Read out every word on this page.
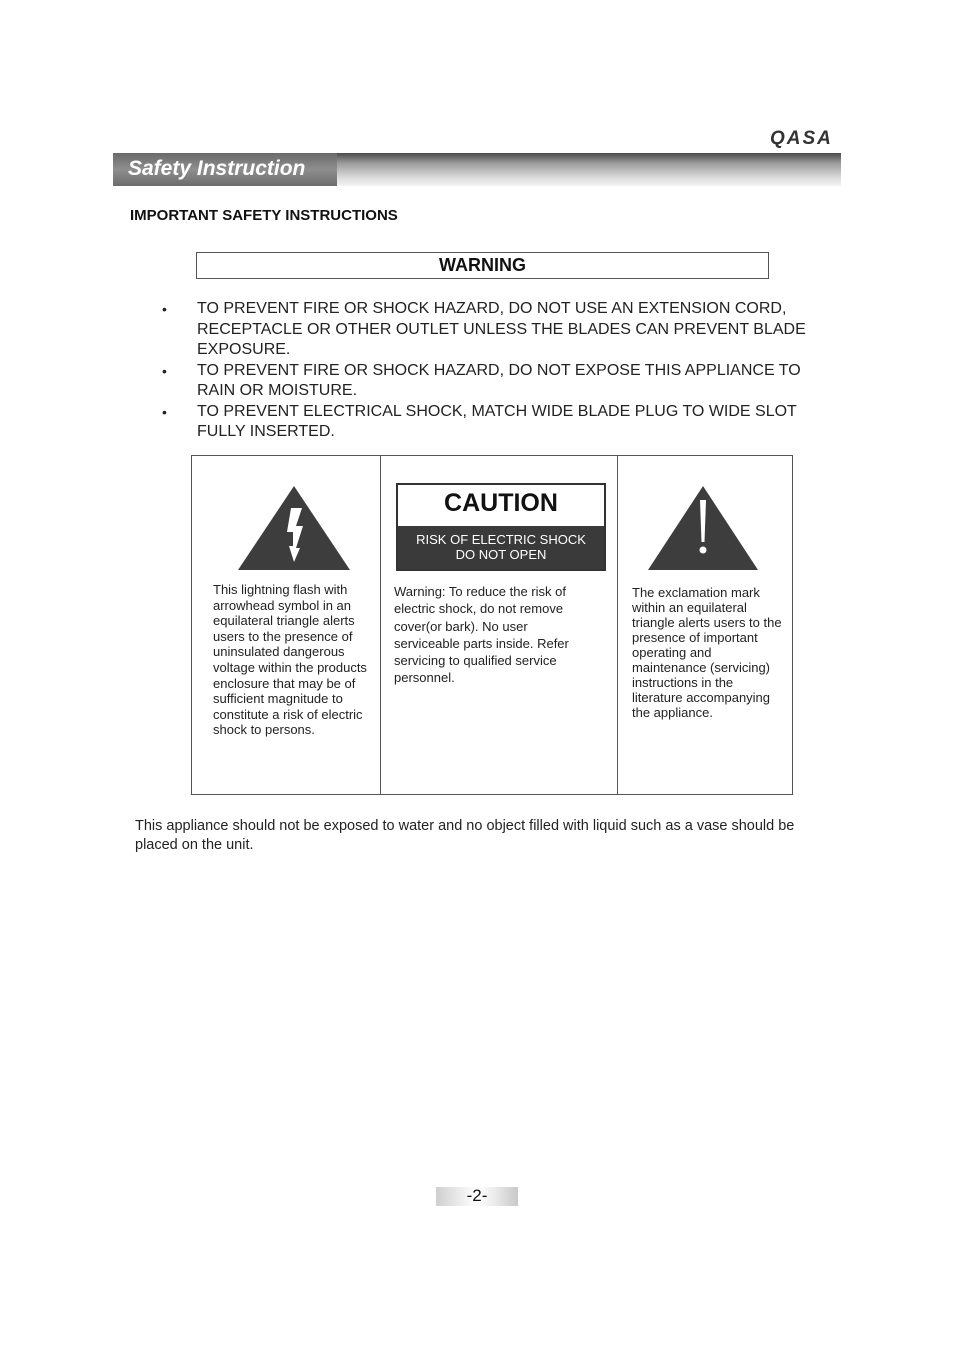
QASA
Safety Instruction
IMPORTANT SAFETY INSTRUCTIONS
WARNING
• TO PREVENT FIRE OR SHOCK HAZARD, DO NOT USE AN EXTENSION CORD, RECEPTACLE OR OTHER OUTLET UNLESS THE BLADES CAN PREVENT BLADE EXPOSURE.
• TO PREVENT FIRE OR SHOCK HAZARD, DO NOT EXPOSE THIS APPLIANCE TO RAIN OR MOISTURE.
• TO PREVENT ELECTRICAL SHOCK, MATCH WIDE BLADE PLUG TO WIDE SLOT FULLY INSERTED.
This lightning flash with arrowhead symbol in an equilateral triangle alerts users to the presence of uninsulated dangerous voltage within the products enclosure that may be of sufficient magnitude to constitute a risk of electric shock to persons.
CAUTION
RISK OF ELECTRIC SHOCK
DO NOT OPEN
Warning: To reduce the risk of electric shock, do not remove cover(or bark). No user serviceable parts inside. Refer servicing to qualified service personnel.
The exclamation mark within an equilateral triangle alerts users to the presence of important operating and maintenance (servicing) instructions in the literature accompanying the appliance.
This appliance should not be exposed to water and no object filled with liquid such as a vase should be placed on the unit.
-2-
